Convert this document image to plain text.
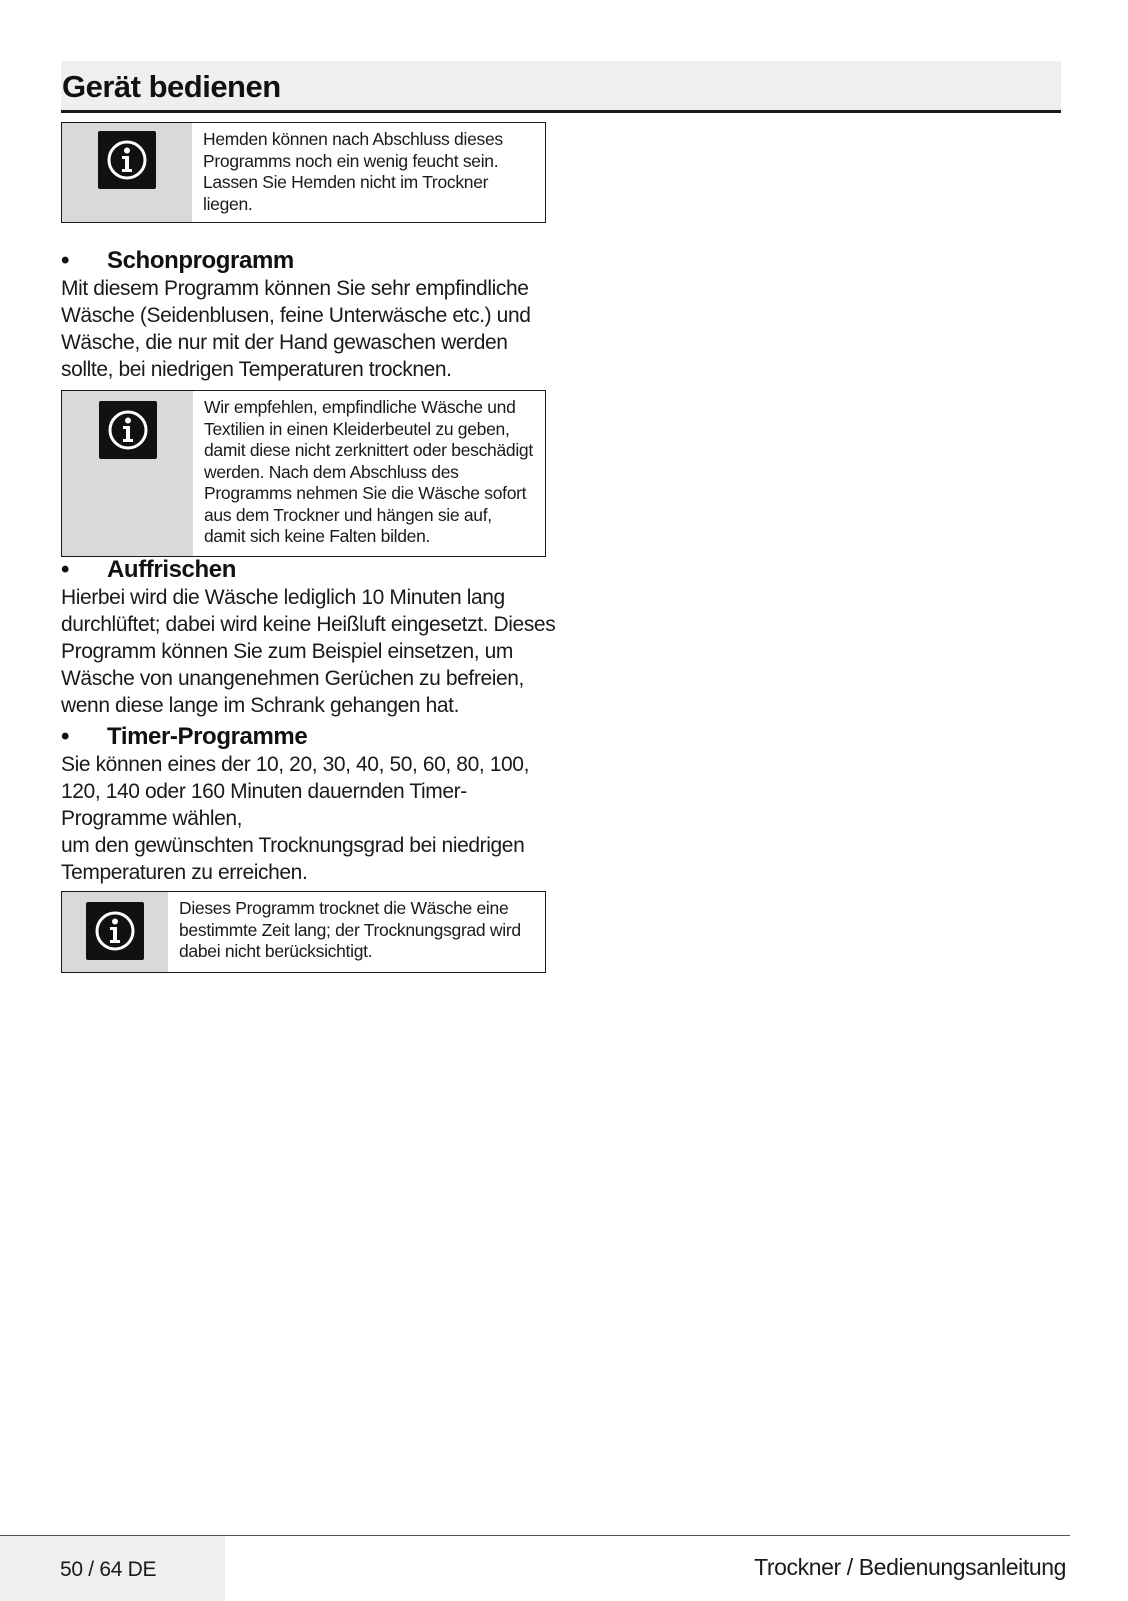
Gerät bedienen
Hemden können nach Abschluss dieses Programms noch ein wenig feucht sein. Lassen Sie Hemden nicht im Trockner liegen.
•	Schonprogramm

Mit diesem Programm können Sie sehr empfindliche Wäsche (Seidenblusen, feine Unterwäsche etc.) und Wäsche, die nur mit der Hand gewaschen werden sollte, bei niedrigen Temperaturen trocknen.

Wir empfehlen, empfindliche Wäsche und Textilien in einen Kleiderbeutel zu geben, damit diese nicht zerknittert oder beschädigt werden. Nach dem Abschluss des Programms nehmen Sie die Wäsche sofort aus dem Trockner und hängen sie auf, damit sich keine Falten bilden.
•	Auffrischen

Hierbei wird die Wäsche lediglich 10 Minuten lang durchlüftet; dabei wird keine Heißluft eingesetzt. Dieses Programm können Sie zum Beispiel einsetzen, um Wäsche von unangenehmen Gerüchen zu befreien, wenn diese lange im Schrank gehangen hat.

•	Timer-Programme

Sie können eines der 10, 20, 30, 40, 50, 60, 80, 100, 120, 140 oder 160 Minuten dauernden Timer-Programme wählen,

um den gewünschten Trocknungsgrad bei niedrigen Temperaturen zu erreichen.

Dieses Programm trocknet die Wäsche eine bestimmte Zeit lang; der Trocknungsgrad wird dabei nicht berücksichtigt.
50 / 64 DE	Trockner / Bedienungsanleitung
